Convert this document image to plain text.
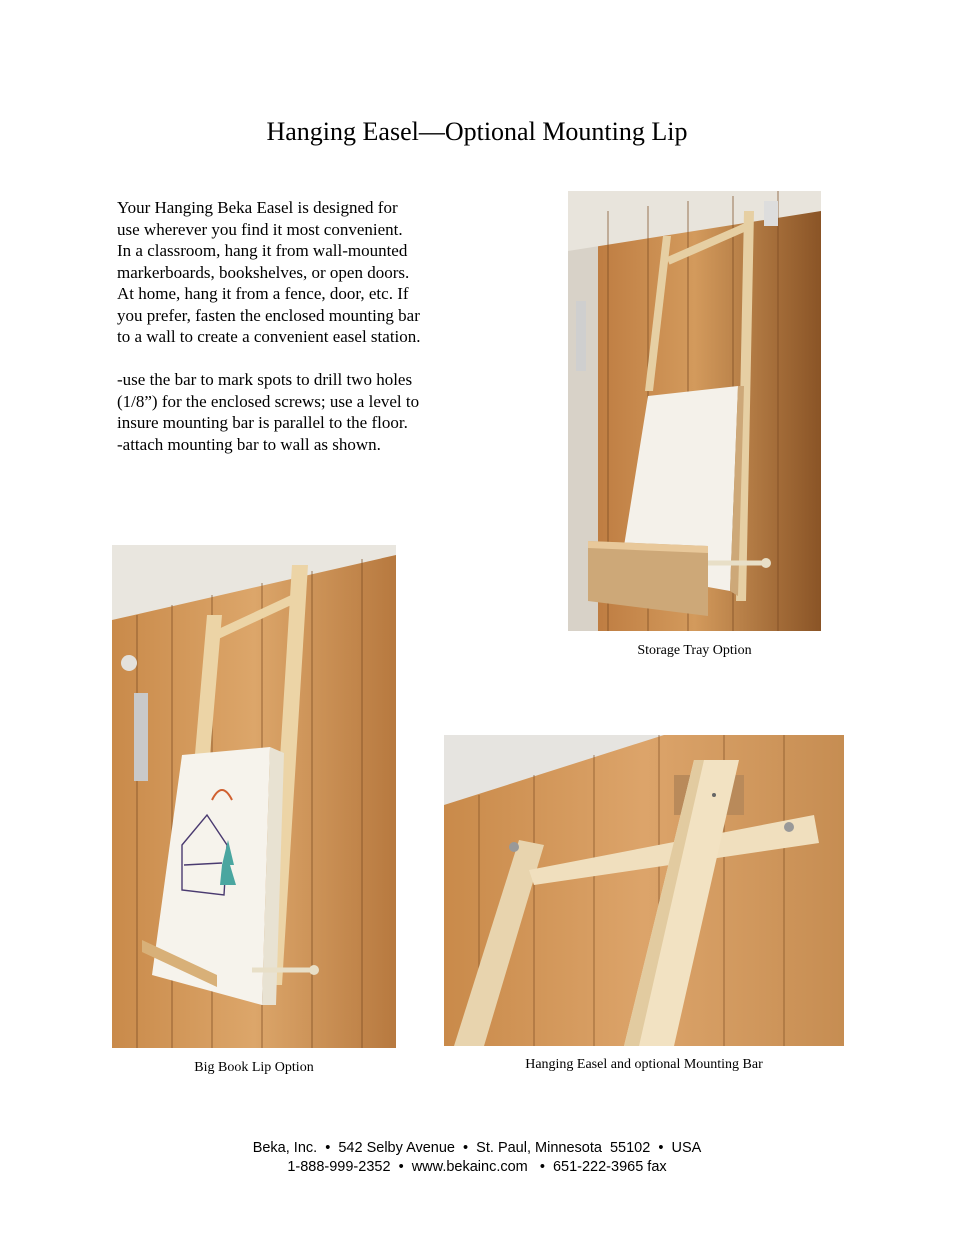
Hanging Easel—Optional Mounting Lip
Your Hanging Beka Easel is designed for
use wherever you find it most convenient.
In a classroom, hang it from wall-mounted
markerboards, bookshelves, or open doors.
At home, hang it from a fence, door, etc. If
you prefer, fasten the enclosed mounting bar
to a wall to create a convenient easel station.
-use the bar to mark spots to drill two holes
(1/8”) for the enclosed screws; use a level to
insure mounting bar is parallel to the floor.
-attach mounting bar to wall as shown.
Storage Tray Option
Big Book Lip Option	Hanging Easel and optional Mounting Bar
Beka, Inc.  •  542 Selby Avenue  •  St. Paul, Minnesota  55102  •  USA
1-888-999-2352  •  www.bekainc.com   •  651-222-3965 fax
